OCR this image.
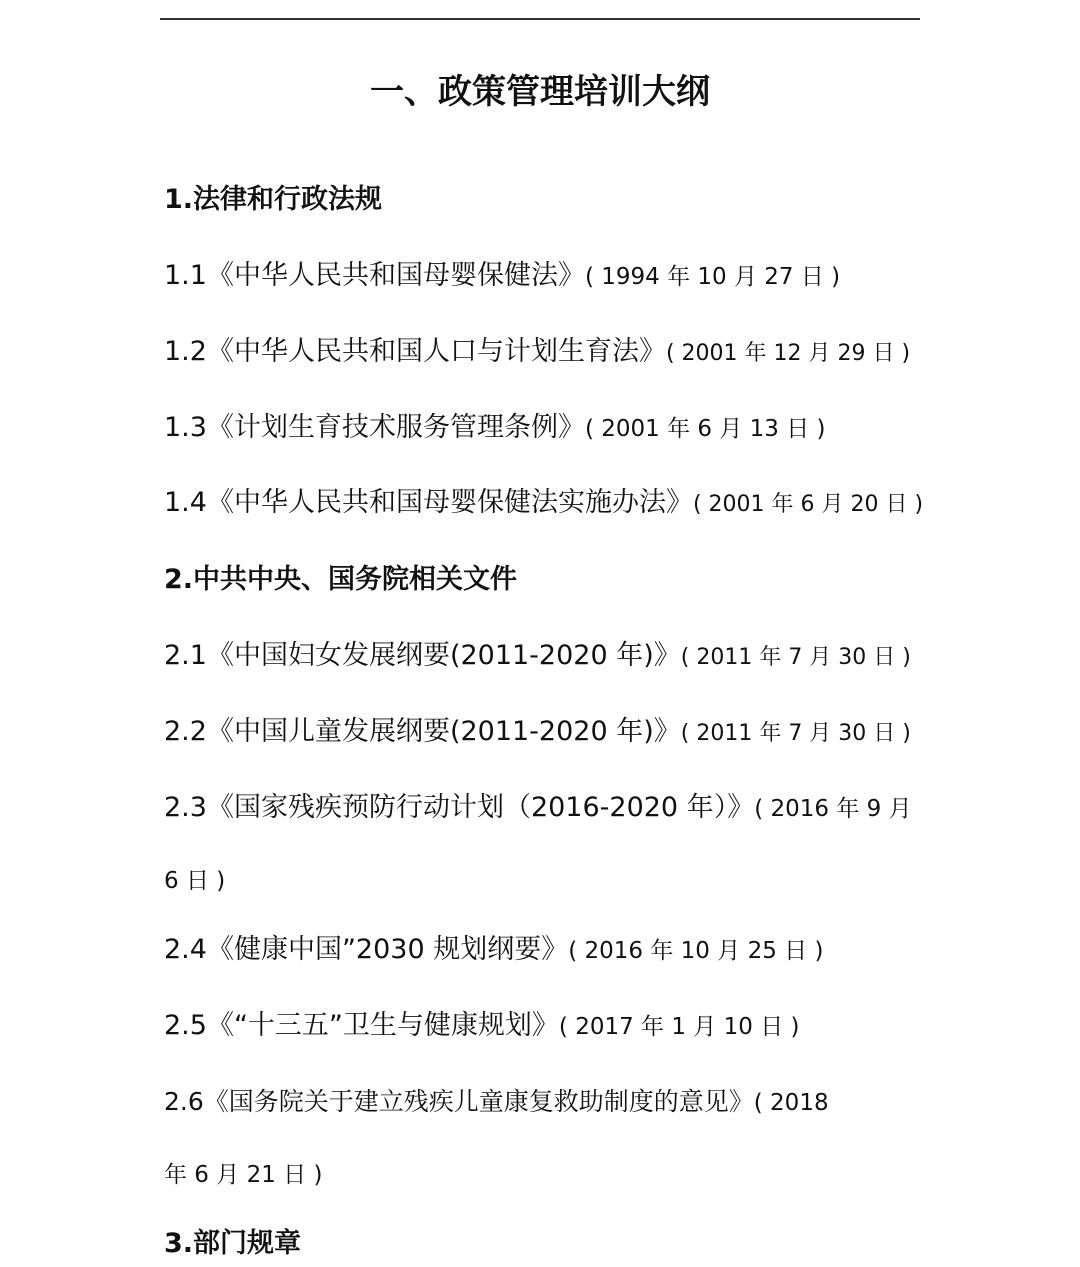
一、政策管理培训大纲
1.法律和行政法规
1.1《中华人民共和国母婴保健法》( 1994 年 10 月 27 日 )
1.2《中华人民共和国人口与计划生育法》( 2001 年 12 月 29 日 )
1.3《计划生育技术服务管理条例》( 2001 年 6 月 13 日 )
1.4《中华人民共和国母婴保健法实施办法》( 2001 年 6 月 20 日 )
2.中共中央、国务院相关文件
2.1《中国妇女发展纲要(2011-2020 年)》( 2011 年 7 月 30 日 )
2.2《中国儿童发展纲要(2011-2020 年)》( 2011 年 7 月 30 日 )
2.3《国家残疾预防行动计划（2016-2020 年）》( 2016 年 9 月
6 日 )
2.4《健康中国”2030 规划纲要》( 2016 年 10 月 25 日 )
2.5《“十三五”卫生与健康规划》( 2017 年 1 月 10 日 )
2.6《国务院关于建立残疾儿童康复救助制度的意见》( 2018
年 6 月 21 日 )
3.部门规章
